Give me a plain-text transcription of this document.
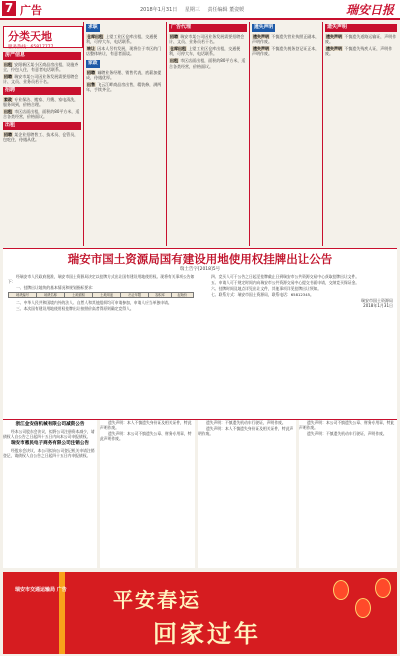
7 广告	2018年1月31日 星期三 责任编辑 董姿媛	瑞安日报
分类天地
服务热线：65817777
房产信息

出租 安阳新区某小区商品房出租，设施齐全，拎包入住，有意者电话联系。

招聘 瑞安市某公司因业务发展需要招聘会计、文员、业务员若干名。

招聘

家政 专业保洁、搬家、月嫂、家电清洗，服务周到，价格合理。

出租 市区店面出租，面积约80平方米，适合各类经营，价格面议。

出租

招聘 某企业招聘普工、技术员、仓管员，包吃住，待遇从优。

求职

仓库出租 上望工业区仓库出租，交通便利，可停大车，电话联系。

转让 因本人另有发展，现将位于市区的门店整体转让，有意者面谈。

家政

招聘 诚聘业务经理、销售代表，底薪加提成，待遇优厚。

出售 飞云江畔商品房出售，精装修，满两年，手续齐全。

广告代理

招聘 瑞安市某公司因业务发展需要招聘会计、文员、业务员若干名。

仓库出租 上望工业区仓库出租，交通便利，可停大车，电话联系。

出租 市区店面出租，面积约80平方米，适合各类经营，价格面议。

遗失声明

遗失声明 不慎遗失营业执照正副本，声明作废。

遗失声明 不慎遗失税务登记证正本，声明作废。

遗失声明

遗失声明 不慎遗失道路运输证，声明作废。

遗失声明 不慎遗失残疾人证，声明作废。

瑞安市国土资源局国有建设用地使用权挂牌出让公告
瑞土告字[2018]5号

经瑞安市人民政府批准，瑞安市国土资源局决定以挂牌方式出让国有建设用地使用权。现将有关事项公告如下：

一、挂牌出让地块的基本情况和规划指标要求：

地块编号	地块名称	土地面积	土地用途	出让年限	容积率	起始价

二、中华人民共和国境内外的法人、自然人和其他组织均可申请参加，申请人应当单独申请。

三、本次国有建设用地使用权挂牌出让按照价高者得原则确定竞得人。

四、竞买人可于公告之日起至挂牌截止日到瑞安市公共资源交易中心获取挂牌出让文件。

五、申请人可于规定时间内向瑞安市公共资源交易中心提交书面申请，交纳竞买保证金。

六、挂牌时间及地点详见出让文件，其他事项详见挂牌出让须知。

七、联系方式：瑞安市国土资源局，联系电话：65812345。

瑞安市国土资源局
2018年1月31日
浙江金安信机械有限公司减资公告

经本公司股东会决议，拟将公司注册资本减少，请债权人自公告之日起四十五日内向本公司申报债权。

瑞安市惠民电子商务有限公司注销公告

经股东会决议，本公司拟向公司登记机关申请注销登记，请债权人自公告之日起四十五日内申报债权。

遗失声明：本人不慎遗失身份证及相关证件，特此声明作废。

遗失声明：本公司不慎遗失公章、财务专用章，特此声明作废。

遗失声明：不慎遗失机动车行驶证，声明作废。

遗失声明：本人不慎遗失身份证及相关证件，特此声明作废。

遗失声明：本公司不慎遗失公章、财务专用章，特此声明作废。

遗失声明：不慎遗失机动车行驶证，声明作废。

瑞安市交通运输局 广告 平安春运
回家过年
